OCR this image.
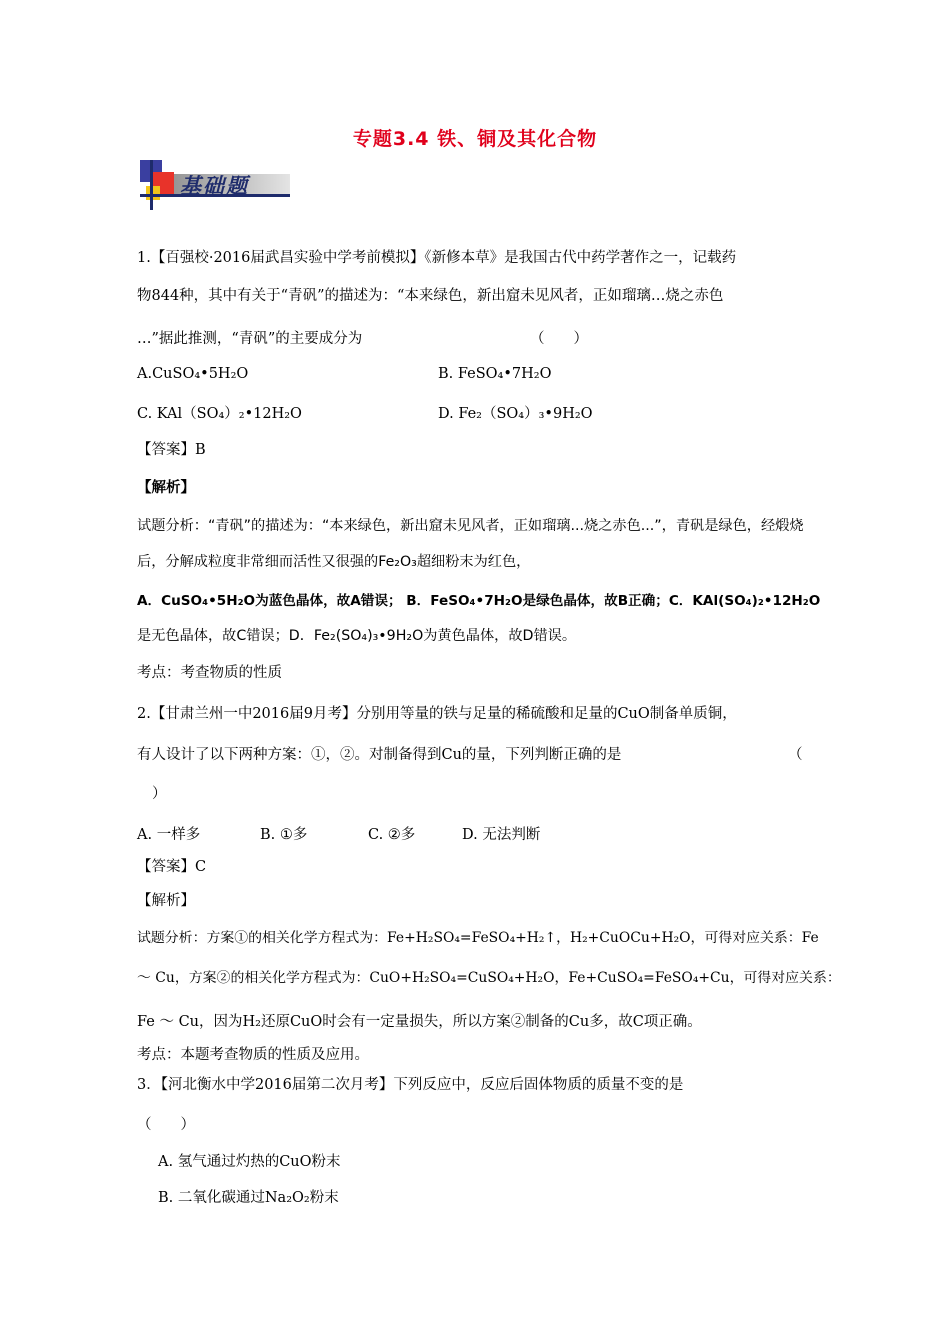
专题3.4 铁、铜及其化合物
基础题
1.【百强校·2016届武昌实验中学考前模拟】《新修本草》是我国古代中药学著作之一，记载药
物844种，其中有关于“青矾”的描述为：“本来绿色，新出窟未见风者，正如瑠璃…烧之赤色
…”据此推测，“青矾”的主要成分为	（　　）
A.CuSO₄•5H₂O	B. FeSO₄•7H₂O
C. KAl（SO₄）₂•12H₂O	D. Fe₂（SO₄）₃•9H₂O
【答案】B
【解析】
试题分析：“青矾”的描述为：“本来绿色，新出窟未见风者，正如瑠璃...烧之赤色...”，青矾是绿色，经煅烧
后，分解成粒度非常细而活性又很强的Fe₂O₃超细粉末为红色，
A．CuSO₄•5H₂O为蓝色晶体，故A错误； B．FeSO₄•7H₂O是绿色晶体，故B正确；C．KAl(SO₄)₂•12H₂O
是无色晶体，故C错误；D．Fe₂(SO₄)₃•9H₂O为黄色晶体，故D错误。
考点：考查物质的性质
2.【甘肃兰州一中2016届9月考】分别用等量的铁与足量的稀硫酸和足量的CuO制备单质铜，
有人设计了以下两种方案：①，②。对制备得到Cu的量，下列判断正确的是	（
）
A. 一样多	B. ①多	C. ②多	D. 无法判断
【答案】C
【解析】
试题分析：方案①的相关化学方程式为：Fe+H₂SO₄=FeSO₄+H₂↑，H₂+CuOCu+H₂O，可得对应关系：Fe
～ Cu，方案②的相关化学方程式为：CuO+H₂SO₄=CuSO₄+H₂O，Fe+CuSO₄=FeSO₄+Cu，可得对应关系：
Fe ～ Cu，因为H₂还原CuO时会有一定量损失，所以方案②制备的Cu多，故C项正确。
考点：本题考查物质的性质及应用。
3．【河北衡水中学2016届第二次月考】下列反应中，反应后固体物质的质量不变的是
（　　）
A. 氢气通过灼热的CuO粉末
B. 二氧化碳通过Na₂O₂粉末
